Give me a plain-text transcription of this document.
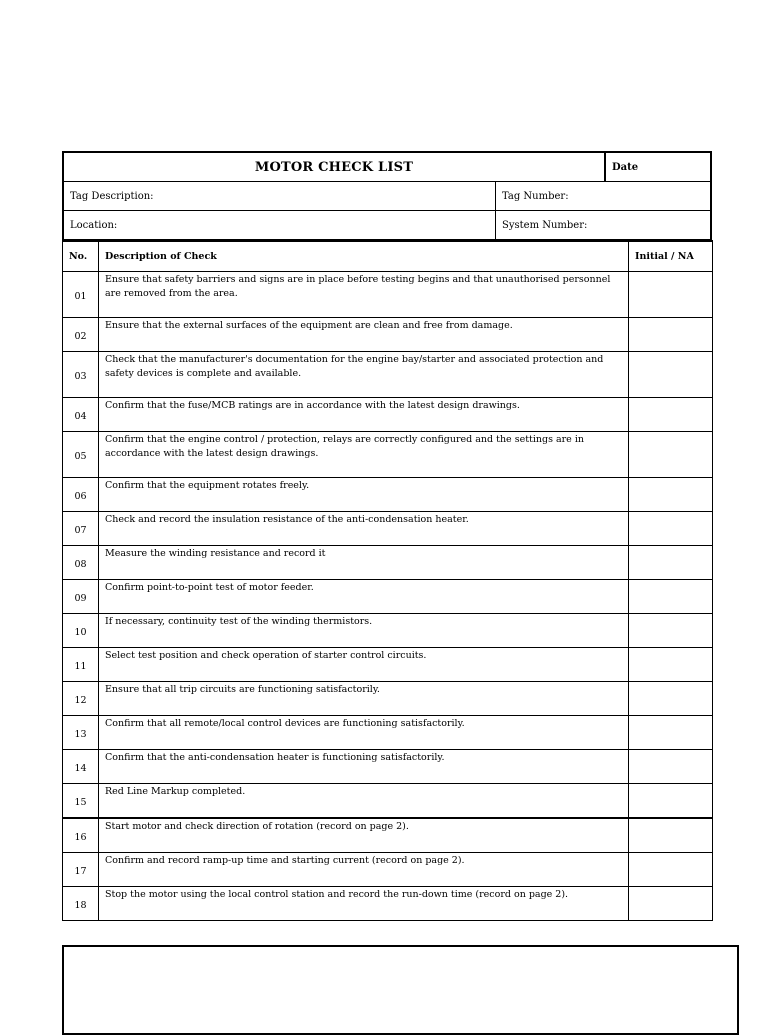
MOTOR CHECK LIST	Date
Tag Description:	Tag Number:
Location:	System Number:
No.	Description of Check	Initial / NA
01	Ensure that safety barriers and signs are in place before testing begins and that unauthorised personnel are removed from the area.	
02	Ensure that the external surfaces of the equipment are clean and free from damage.	
03	Check that the manufacturer's documentation for the engine bay/starter and associated protection and safety devices is complete and available.	
04	Confirm that the fuse/MCB ratings are in accordance with the latest design drawings.	
05	Confirm that the engine control / protection, relays are correctly configured and the settings are in accordance with the latest design drawings.	
06	Confirm that the equipment rotates freely.	
07	Check and record the insulation resistance of the anti-condensation heater.	
08	Measure the winding resistance and record it	
09	Confirm point-to-point test of motor feeder.	
10	If necessary, continuity test of the winding thermistors.	
11	Select test position and check operation of starter control circuits.	
12	Ensure that all trip circuits are functioning satisfactorily.	
13	Confirm that all remote/local control devices are functioning satisfactorily.	
14	Confirm that the anti-condensation heater is functioning satisfactorily.	
15	Red Line Markup completed.	
16	Start motor and check direction of rotation (record on page 2).	
17	Confirm and record ramp-up time and starting current (record on page 2).	
18	Stop the motor using the local control station and record the run-down time (record on page 2).	
